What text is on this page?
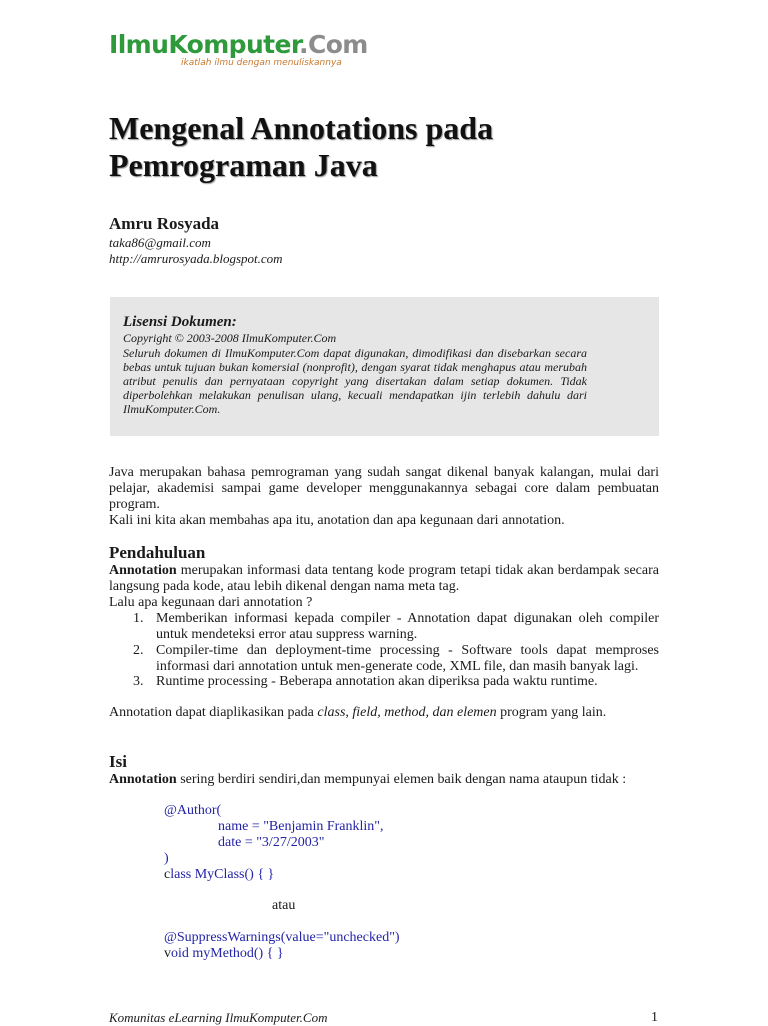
IlmuKomputer.Com
ikatlah ilmu dengan menuliskannya
Mengenal Annotations pada Pemrograman Java
Amru Rosyada
taka86@gmail.com
http://amrurosyada.blogspot.com
Lisensi Dokumen:
Copyright © 2003-2008 IlmuKomputer.Com
Seluruh dokumen di IlmuKomputer.Com dapat digunakan, dimodifikasi dan disebarkan secara bebas untuk tujuan bukan komersial (nonprofit), dengan syarat tidak menghapus atau merubah atribut penulis dan pernyataan copyright yang disertakan dalam setiap dokumen. Tidak diperbolehkan melakukan penulisan ulang, kecuali mendapatkan ijin terlebih dahulu dari IlmuKomputer.Com.

Java merupakan bahasa pemrograman yang sudah sangat dikenal banyak kalangan, mulai dari pelajar, akademisi sampai game developer menggunakannya sebagai core dalam pembuatan program.

Kali ini kita akan membahas apa itu, anotation dan apa kegunaan dari annotation.

Pendahuluan

Annotation merupakan informasi data tentang kode program tetapi tidak akan berdampak secara langsung pada kode, atau lebih dikenal dengan nama meta tag.

Lalu apa kegunaan dari annotation ?

1. Memberikan informasi kepada compiler - Annotation dapat digunakan oleh compiler untuk mendeteksi error atau suppress warning.
2. Compiler-time dan deployment-time processing - Software tools dapat memproses informasi dari annotation untuk men-generate code, XML file, dan masih banyak lagi.
3. Runtime processing - Beberapa annotation akan diperiksa pada waktu runtime.

Annotation dapat diaplikasikan pada class, field, method, dan elemen program yang lain.

Isi

Annotation sering berdiri sendiri,dan mempunyai elemen baik dengan nama ataupun tidak :

@Author(
name = "Benjamin Franklin",
date = "3/27/2003"
)
class MyClass() { }
atau
@SuppressWarnings(value="unchecked")
void myMethod() { }
Komunitas eLearning IlmuKomputer.Com	1
